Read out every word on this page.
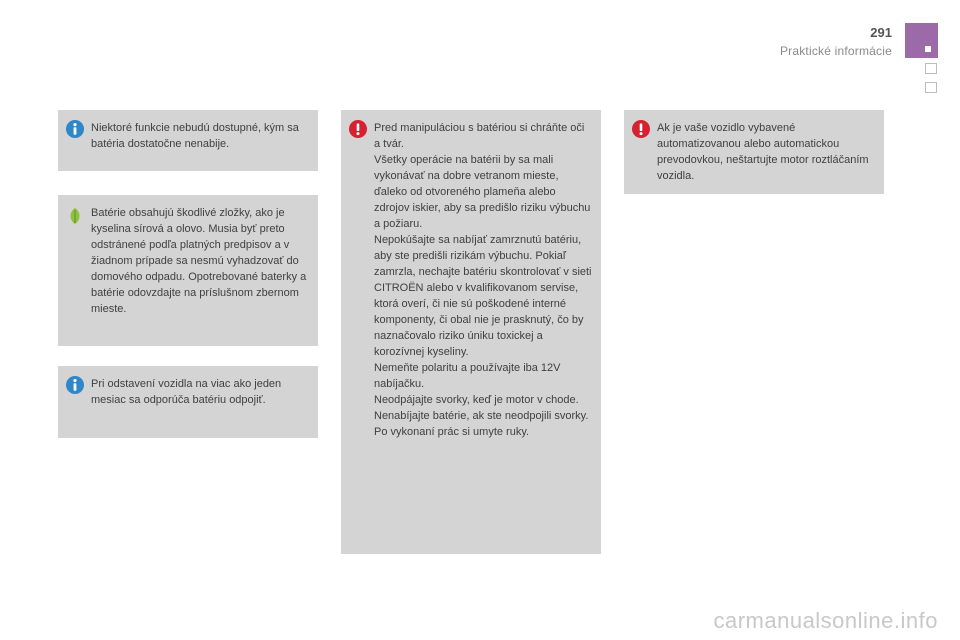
291
Praktické informácie
Niektoré funkcie nebudú dostupné, kým sa batéria dostatočne nenabije.
Batérie obsahujú škodlivé zložky, ako je kyselina sírová a olovo. Musia byť preto odstránené podľa platných predpisov a v žiadnom prípade sa nesmú vyhadzovať do domového odpadu. Opotrebované baterky a batérie odovzdajte na príslušnom zbernom mieste.
Pri odstavení vozidla na viac ako jeden mesiac sa odporúča batériu odpojiť.
Pred manipuláciou s batériou si chráňte oči a tvár.
Všetky operácie na batérii by sa mali vykonávať na dobre vetranom mieste, ďaleko od otvoreného plameňa alebo zdrojov iskier, aby sa predišlo riziku výbuchu a požiaru.
Nepokúšajte sa nabíjať zamrznutú batériu, aby ste predišli rizikám výbuchu. Pokiaľ zamrzla, nechajte batériu skontrolovať v sieti CITROËN alebo v kvalifikovanom servise, ktorá overí, či nie sú poškodené interné komponenty, či obal nie je prasknutý, čo by naznačovalo riziko úniku toxickej a korozívnej kyseliny.
Nemeňte polaritu a používajte iba 12V nabíjačku.
Neodpájajte svorky, keď je motor v chode.
Nenabíjajte batérie, ak ste neodpojili svorky.
Po vykonaní prác si umyte ruky.
Ak je vaše vozidlo vybavené automatizovanou alebo automatickou prevodovkou, neštartujte motor roztláčaním vozidla.
carmanualsonline.info
